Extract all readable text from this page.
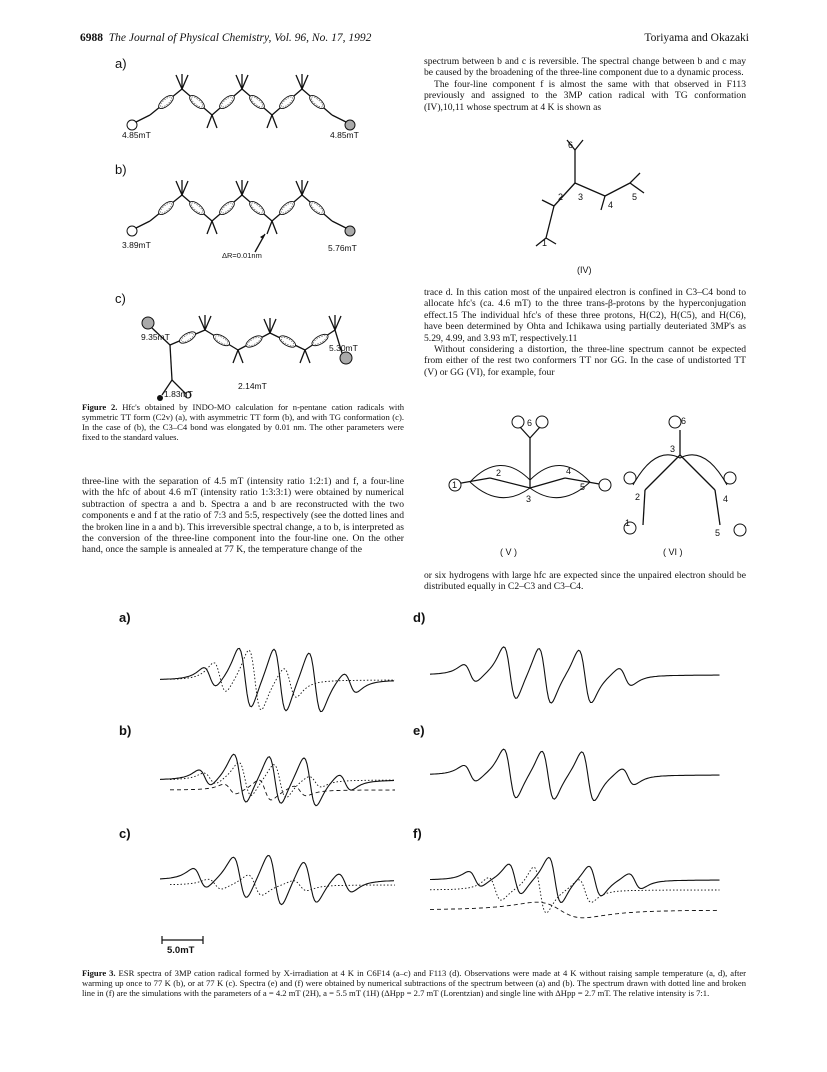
6988 The Journal of Physical Chemistry, Vol. 96, No. 17, 1992	Toriyama and Okazaki
a)
4.85mT	4.85mT
b)
3.89mT	5.76mT
ΔR=0.01nm
c)
9.35mT
5.30mT
2.14mT
1.83mT
Figure 2. Hfc's obtained by INDO-MO calculation for n-pentane cation radicals with symmetric TT form (C2v) (a), with asymmetric TT form (b), and with TG conformation (c). In the case of (b), the C3–C4 bond was elongated by 0.01 nm. The other parameters were fixed to the standard values.

three-line with the separation of 4.5 mT (intensity ratio 1:2:1) and f, a four-line with the hfc of about 4.6 mT (intensity ratio 1:3:3:1) were obtained by numerical subtraction of spectra a and b. Spectra a and b are reconstructed with the two components e and f at the ratio of 7:3 and 5:5, respectively (see the dotted lines and the broken line in a and b). This irreversible spectral change, a to b, is interpreted as the conversion of the three-line component into the four-line one. On the other hand, once the sample is annealed at 77 K, the temperature change of the

spectrum between b and c is reversible. The spectral change between b and c may be caused by the broadening of the three-line component due to a dynamic process.

The four-line component f is almost the same with that observed in F113 previously and assigned to the 3MP cation radical with TG conformation (IV),10,11 whose spectrum at 4 K is shown as

1
2 3
4
5
6
(IV)

trace d. In this cation most of the unpaired electron is confined in C3–C4 bond to allocate hfc's (ca. 4.6 mT) to the three trans-β-protons by the hyperconjugation effect.15 The individual hfc's of these three protons, H(C2), H(C5), and H(C6), have been determined by Ohta and Ichikawa using partially deuteriated 3MP's as 5.29, 4.99, and 3.93 mT, respectively.11

Without considering a distortion, the three-line spectrum cannot be expected from either of the rest two conformers TT nor GG. In the case of undistorted TT (V) or GG (VI), for example, four

1
2
3
4
5
6
1
2
3
4
5
6
( V )	( VI )

or six hydrogens with large hfc are expected since the unpaired electron should be distributed equally in C2–C3 and C3–C4.

a)
b)
c)
d)
e)
f)
5.0mT
Figure 3. ESR spectra of 3MP cation radical formed by X-irradiation at 4 K in C6F14 (a–c) and F113 (d). Observations were made at 4 K without raising sample temperature (a, d), after warming up once to 77 K (b), or at 77 K (c). Spectra (e) and (f) were obtained by numerical subtractions of the spectrum between (a) and (b). The spectrum drawn with dotted line and broken line in (f) are the simulations with the parameters of a = 4.2 mT (2H), a = 5.5 mT (1H) (ΔHpp = 2.7 mT (Lorentzian) and single line with ΔHpp = 2.7 mT. The relative intensity is 7:1.
